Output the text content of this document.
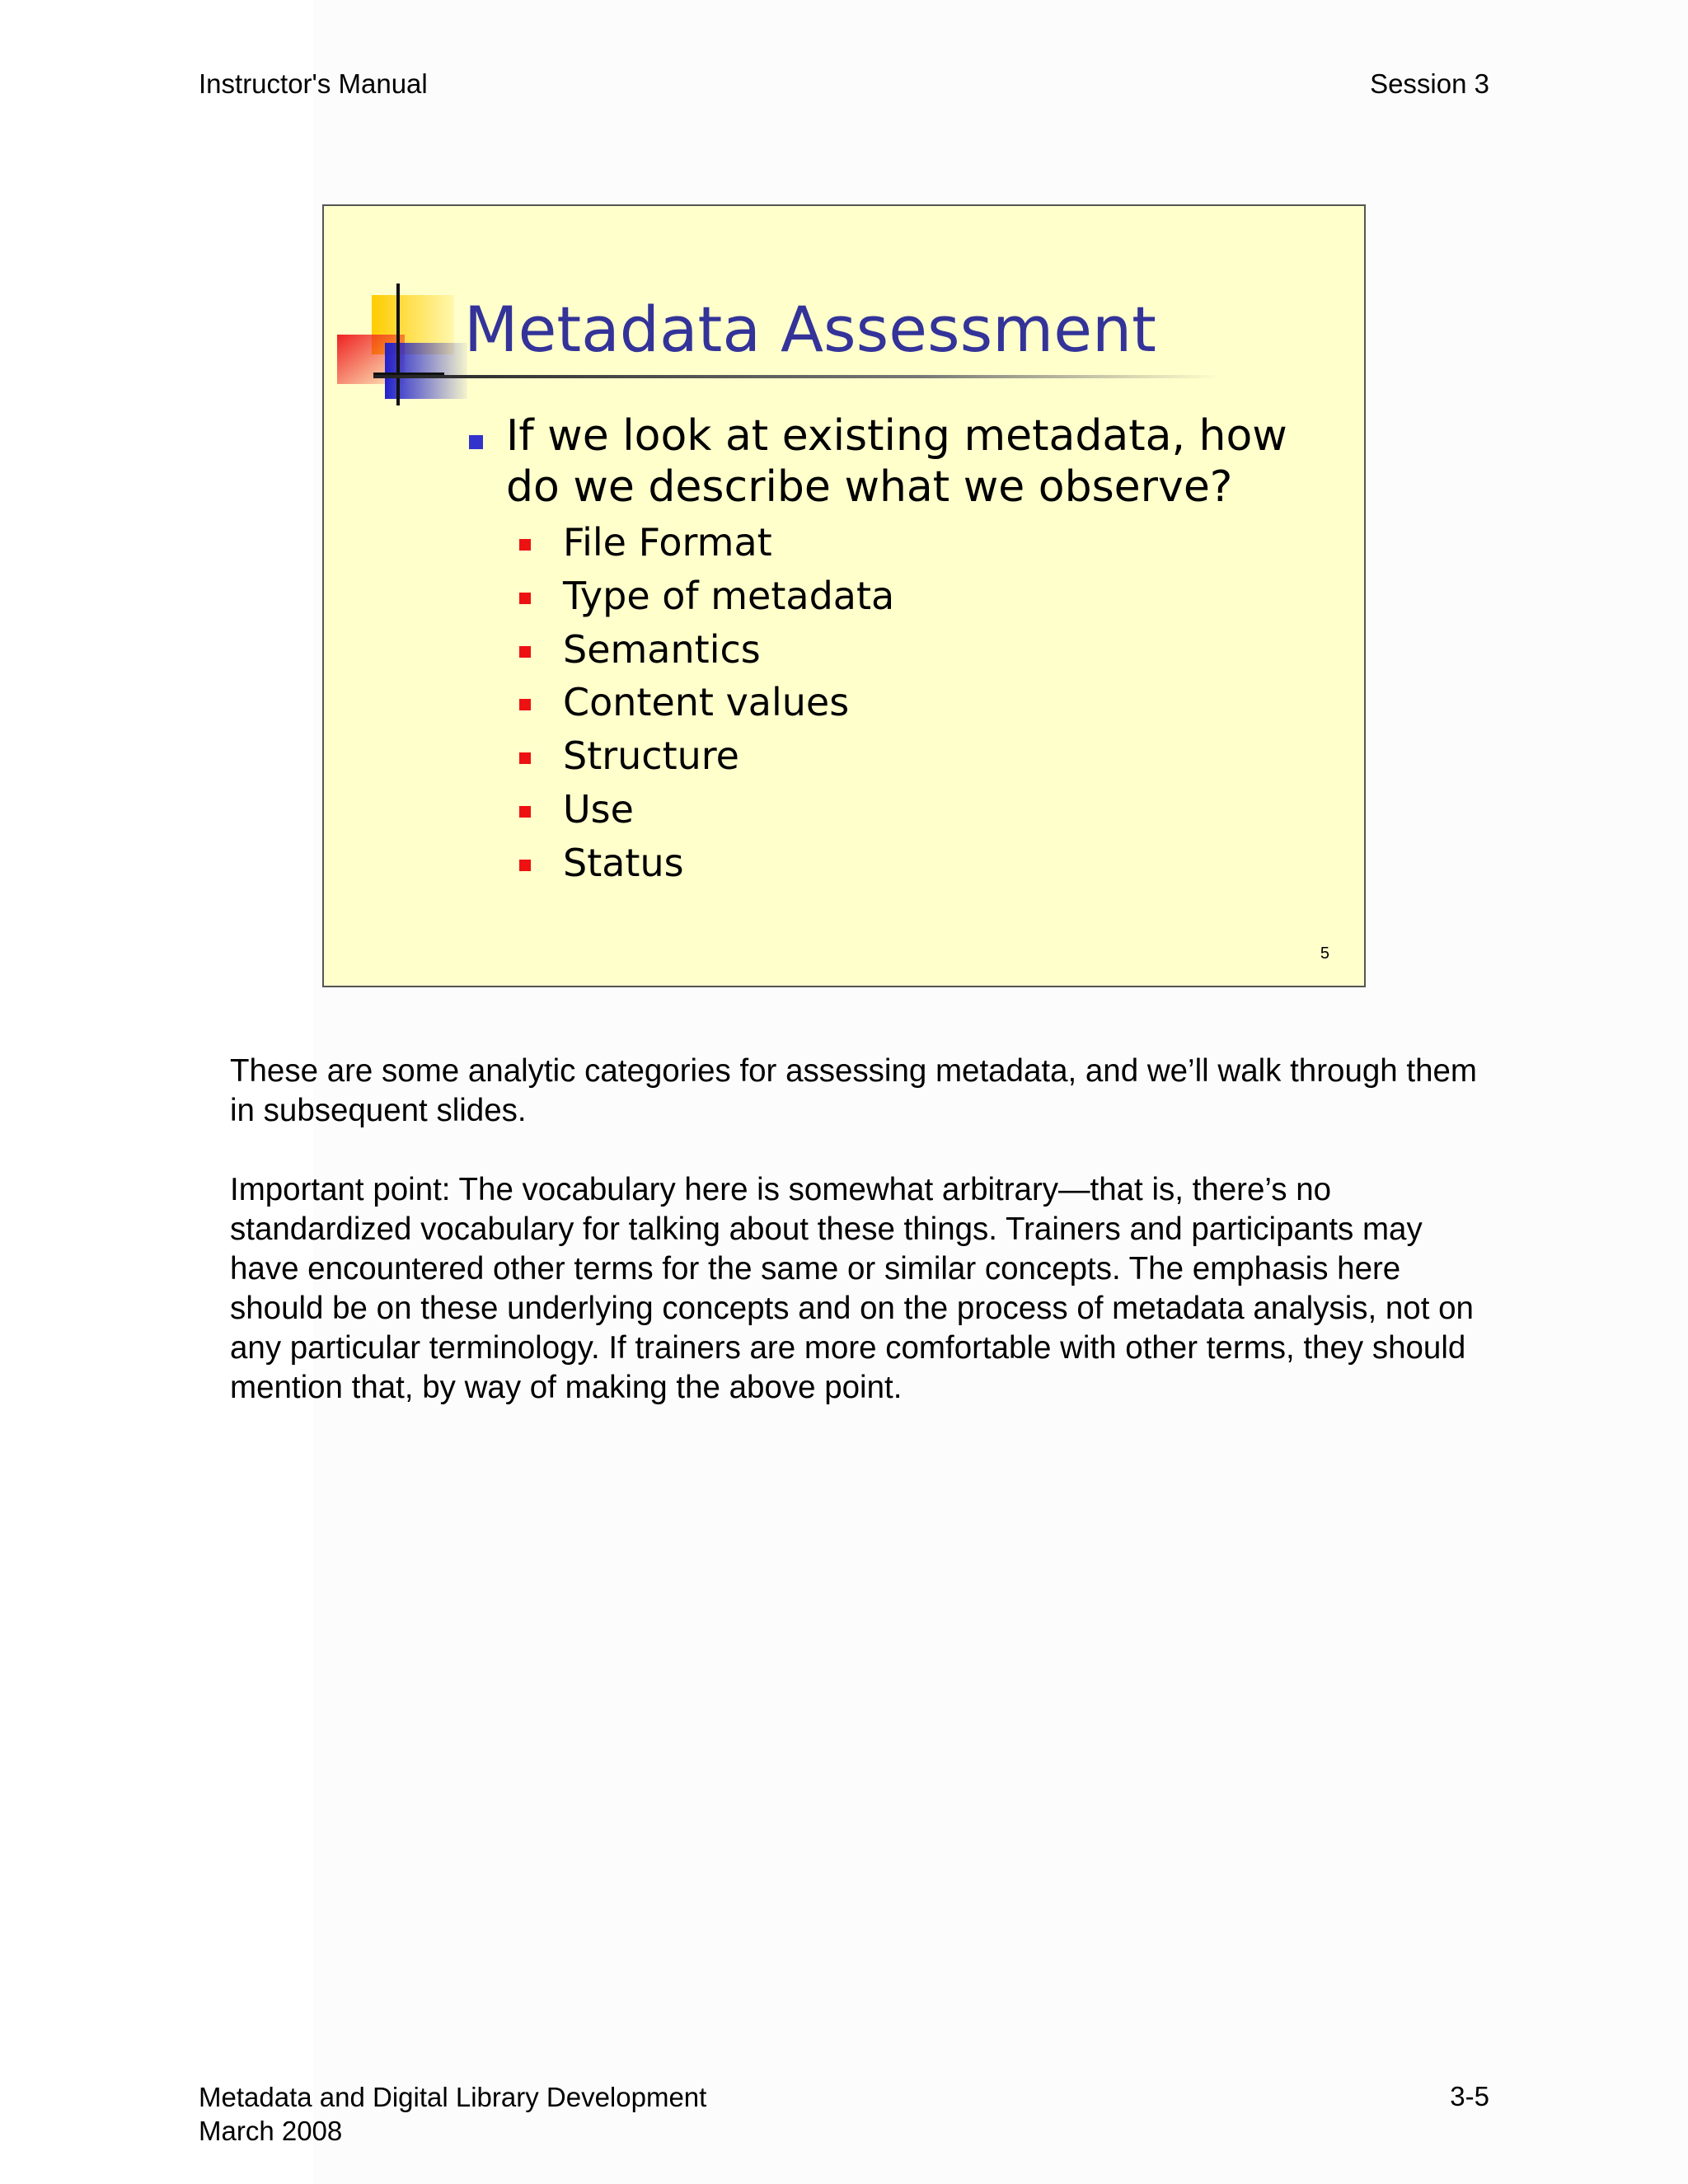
Instructor's Manual	Session 3
Metadata Assessment
If we look at existing metadata, how do we describe what we observe?
File Format
Type of metadata
Semantics
Content values
Structure
Use
Status
5

These are some analytic categories for assessing metadata, and we’ll walk through them in subsequent slides.

Important point: The vocabulary here is somewhat arbitrary—that is, there’s no standardized vocabulary for talking about these things. Trainers and participants may have encountered other terms for the same or similar concepts. The emphasis here should be on these underlying concepts and on the process of metadata analysis, not on any particular terminology. If trainers are more comfortable with other terms, they should mention that, by way of making the above point.

Metadata and Digital Library Development
March 2008
3-5
